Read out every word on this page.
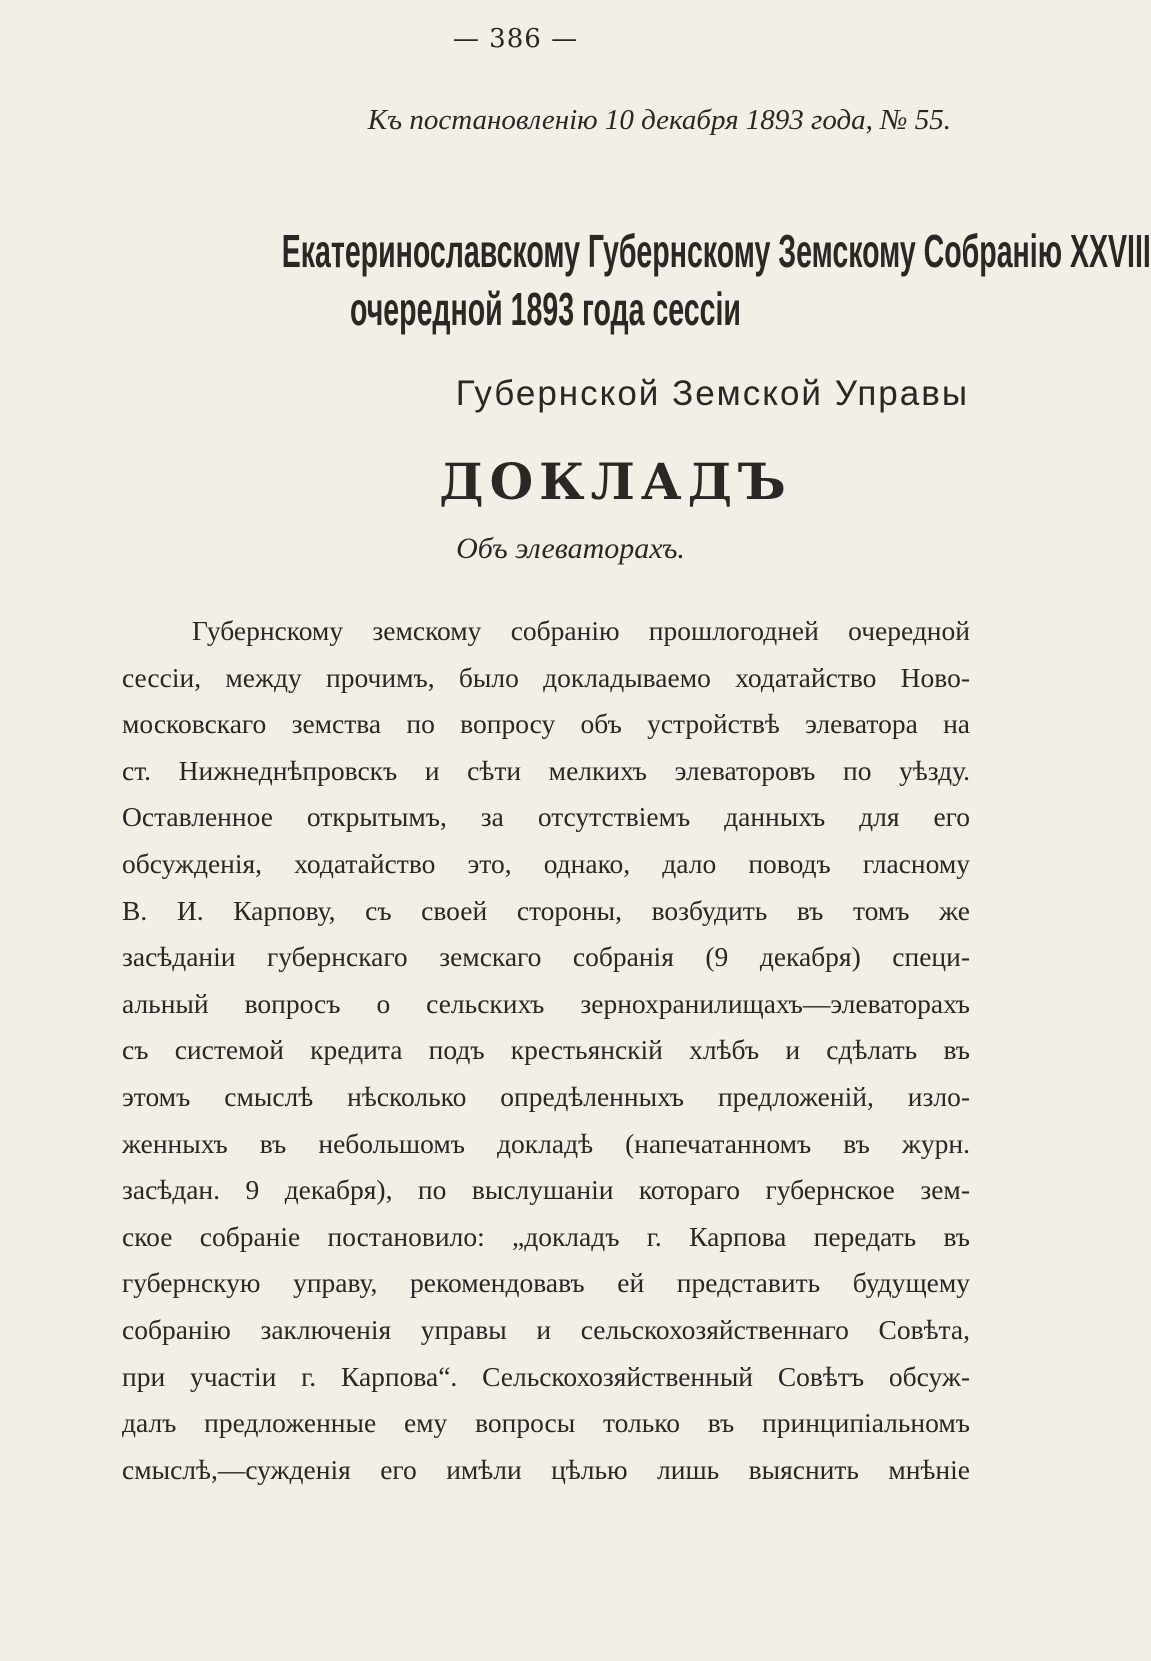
— 386 —
Къ постановленію 10 декабря 1893 года, № 55.
Екатеринославскому Губернскому Земскому Собранію XXVIII
очередной 1893 года сессіи
Губернской Земской Управы
ДОКЛАДЪ
Объ элеваторахъ.
Губернскому земскому собранію прошлогодней очередной
сессіи, между прочимъ, было докладываемо ходатайство Ново-
московскаго земства по вопросу объ устройствѣ элеватора на
ст. Нижнеднѣпровскъ и сѣти мелкихъ элеваторовъ по уѣзду.
Оставленное открытымъ, за отсутствіемъ данныхъ для его
обсужденія, ходатайство это, однако, дало поводъ гласному
В. И. Карпову, съ своей стороны, возбудить въ томъ же
засѣданіи губернскаго земскаго собранія (9 декабря) специ-
альный вопросъ о сельскихъ зернохранилищахъ—элеваторахъ
съ системой кредита подъ крестьянскій хлѣбъ и сдѣлать въ
этомъ смыслѣ нѣсколько опредѣленныхъ предложеній, изло-
женныхъ въ небольшомъ докладѣ (напечатанномъ въ журн.
засѣдан. 9 декабря), по выслушаніи котораго губернское зем-
ское собраніе постановило: „докладъ г. Карпова передать въ
губернскую управу, рекомендовавъ ей представить будущему
собранію заключенія управы и сельскохозяйственнаго Совѣта,
при участіи г. Карпова“. Сельскохозяйственный Совѣтъ обсуж-
далъ предложенные ему вопросы только въ принципіальномъ
смыслѣ,—сужденія его имѣли цѣлью лишь выяснить мнѣніе
